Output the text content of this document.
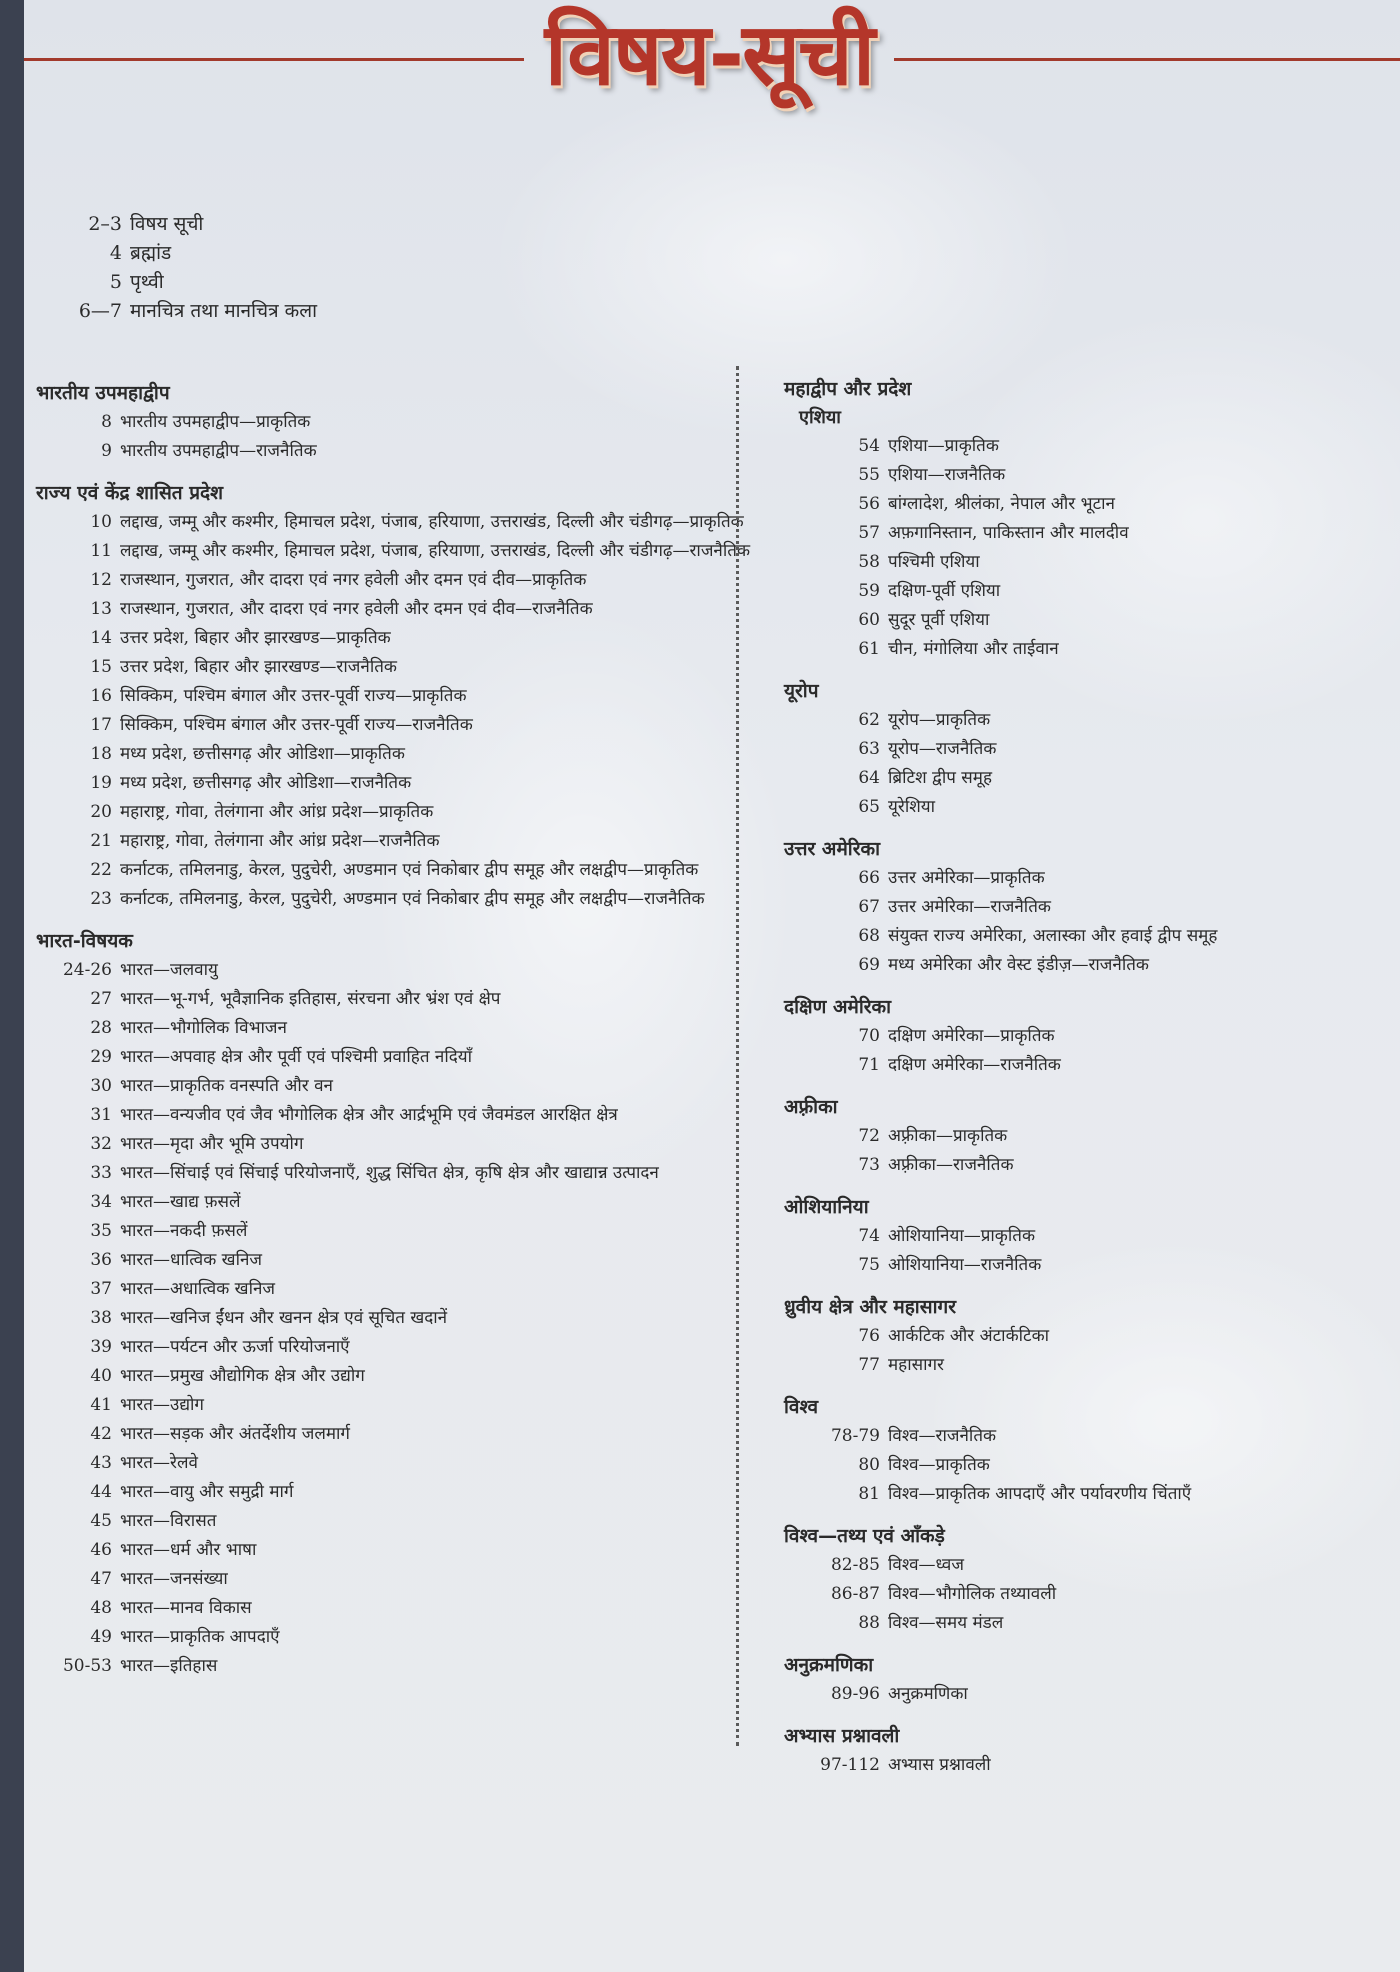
विषय-सूची
2–3 विषय सूची
4 ब्रह्मांड
5 पृथ्वी
6—7 मानचित्र तथा मानचित्र कला
भारतीय उपमहाद्वीप
8 भारतीय उपमहाद्वीप—प्राकृतिक
9 भारतीय उपमहाद्वीप—राजनैतिक
राज्य एवं केंद्र शासित प्रदेश
10 लद्दाख, जम्मू और कश्मीर, हिमाचल प्रदेश, पंजाब, हरियाणा, उत्तराखंड, दिल्ली और चंडीगढ़—प्राकृतिक
11 लद्दाख, जम्मू और कश्मीर, हिमाचल प्रदेश, पंजाब, हरियाणा, उत्तराखंड, दिल्ली और चंडीगढ़—राजनैतिक
12 राजस्थान, गुजरात, और दादरा एवं नगर हवेली और दमन एवं दीव—प्राकृतिक
13 राजस्थान, गुजरात, और दादरा एवं नगर हवेली और दमन एवं दीव—राजनैतिक
14 उत्तर प्रदेश, बिहार और झारखण्ड—प्राकृतिक
15 उत्तर प्रदेश, बिहार और झारखण्ड—राजनैतिक
16 सिक्किम, पश्चिम बंगाल और उत्तर-पूर्वी राज्य—प्राकृतिक
17 सिक्किम, पश्चिम बंगाल और उत्तर-पूर्वी राज्य—राजनैतिक
18 मध्य प्रदेश, छत्तीसगढ़ और ओडिशा—प्राकृतिक
19 मध्य प्रदेश, छत्तीसगढ़ और ओडिशा—राजनैतिक
20 महाराष्ट्र, गोवा, तेलंगाना और आंध्र प्रदेश—प्राकृतिक
21 महाराष्ट्र, गोवा, तेलंगाना और आंध्र प्रदेश—राजनैतिक
22 कर्नाटक, तमिलनाडु, केरल, पुदुचेरी, अण्डमान एवं निकोबार द्वीप समूह और लक्षद्वीप—प्राकृतिक
23 कर्नाटक, तमिलनाडु, केरल, पुदुचेरी, अण्डमान एवं निकोबार द्वीप समूह और लक्षद्वीप—राजनैतिक
भारत-विषयक
24-26 भारत—जलवायु
27 भारत—भू-गर्भ, भूवैज्ञानिक इतिहास, संरचना और भ्रंश एवं क्षेप
28 भारत—भौगोलिक विभाजन
29 भारत—अपवाह क्षेत्र और पूर्वी एवं पश्चिमी प्रवाहित नदियाँ
30 भारत—प्राकृतिक वनस्पति और वन
31 भारत—वन्यजीव एवं जैव भौगोलिक क्षेत्र और आर्द्रभूमि एवं जैवमंडल आरक्षित क्षेत्र
32 भारत—मृदा और भूमि उपयोग
33 भारत—सिंचाई एवं सिंचाई परियोजनाएँ, शुद्ध सिंचित क्षेत्र, कृषि क्षेत्र और खाद्यान्न उत्पादन
34 भारत—खाद्य फ़सलें
35 भारत—नकदी फ़सलें
36 भारत—धात्विक खनिज
37 भारत—अधात्विक खनिज
38 भारत—खनिज ईंधन और खनन क्षेत्र एवं सूचित खदानें
39 भारत—पर्यटन और ऊर्जा परियोजनाएँ
40 भारत—प्रमुख औद्योगिक क्षेत्र और उद्योग
41 भारत—उद्योग
42 भारत—सड़क और अंतर्देशीय जलमार्ग
43 भारत—रेलवे
44 भारत—वायु और समुद्री मार्ग
45 भारत—विरासत
46 भारत—धर्म और भाषा
47 भारत—जनसंख्या
48 भारत—मानव विकास
49 भारत—प्राकृतिक आपदाएँ
50-53 भारत—इतिहास
महाद्वीप और प्रदेश
एशिया
54 एशिया—प्राकृतिक
55 एशिया—राजनैतिक
56 बांग्लादेश, श्रीलंका, नेपाल और भूटान
57 अफ़गानिस्तान, पाकिस्तान और मालदीव
58 पश्चिमी एशिया
59 दक्षिण-पूर्वी एशिया
60 सुदूर पूर्वी एशिया
61 चीन, मंगोलिया और ताईवान
यूरोप
62 यूरोप—प्राकृतिक
63 यूरोप—राजनैतिक
64 ब्रिटिश द्वीप समूह
65 यूरेशिया
उत्तर अमेरिका
66 उत्तर अमेरिका—प्राकृतिक
67 उत्तर अमेरिका—राजनैतिक
68 संयुक्त राज्य अमेरिका, अलास्का और हवाई द्वीप समूह
69 मध्य अमेरिका और वेस्ट इंडीज़—राजनैतिक
दक्षिण अमेरिका
70 दक्षिण अमेरिका—प्राकृतिक
71 दक्षिण अमेरिका—राजनैतिक
अफ़्रीका
72 अफ़्रीका—प्राकृतिक
73 अफ़्रीका—राजनैतिक
ओशियानिया
74 ओशियानिया—प्राकृतिक
75 ओशियानिया—राजनैतिक
ध्रुवीय क्षेत्र और महासागर
76 आर्कटिक और अंटार्कटिका
77 महासागर
विश्व
78-79 विश्व—राजनैतिक
80 विश्व—प्राकृतिक
81 विश्व—प्राकृतिक आपदाएँ और पर्यावरणीय चिंताएँ
विश्व—तथ्य एवं आँकड़े
82-85 विश्व—ध्वज
86-87 विश्व—भौगोलिक तथ्यावली
88 विश्व—समय मंडल
अनुक्रमणिका
89-96 अनुक्रमणिका
अभ्यास प्रश्नावली
97-112 अभ्यास प्रश्नावली
